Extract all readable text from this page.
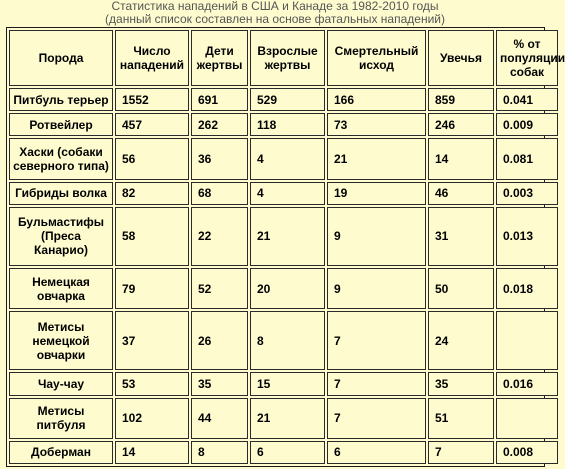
Статистика нападений в США и Канаде за 1982-2010 годы
(данный список составлен на основе фатальных нападений)
Порода	Число нападений	Дети жертвы	Взрослые жертвы	Смертельный исход	Увечья	% от популяции собак
Питбуль терьер	1552	691	529	166	859	0.041
Ротвейлер	457	262	118	73	246	0.009
Хаски (собаки северного типа)	56	36	4	21	14	0.081
Гибриды волка	82	68	4	19	46	0.003
Бульмастифы (Преса Канарио)	58	22	21	9	31	0.013
Немецкая овчарка	79	52	20	9	50	0.018
Метисы немецкой овчарки	37	26	8	7	24	
Чау-чау	53	35	15	7	35	0.016
Метисы питбуля	102	44	21	7	51	
Доберман	14	8	6	6	7	0.008
